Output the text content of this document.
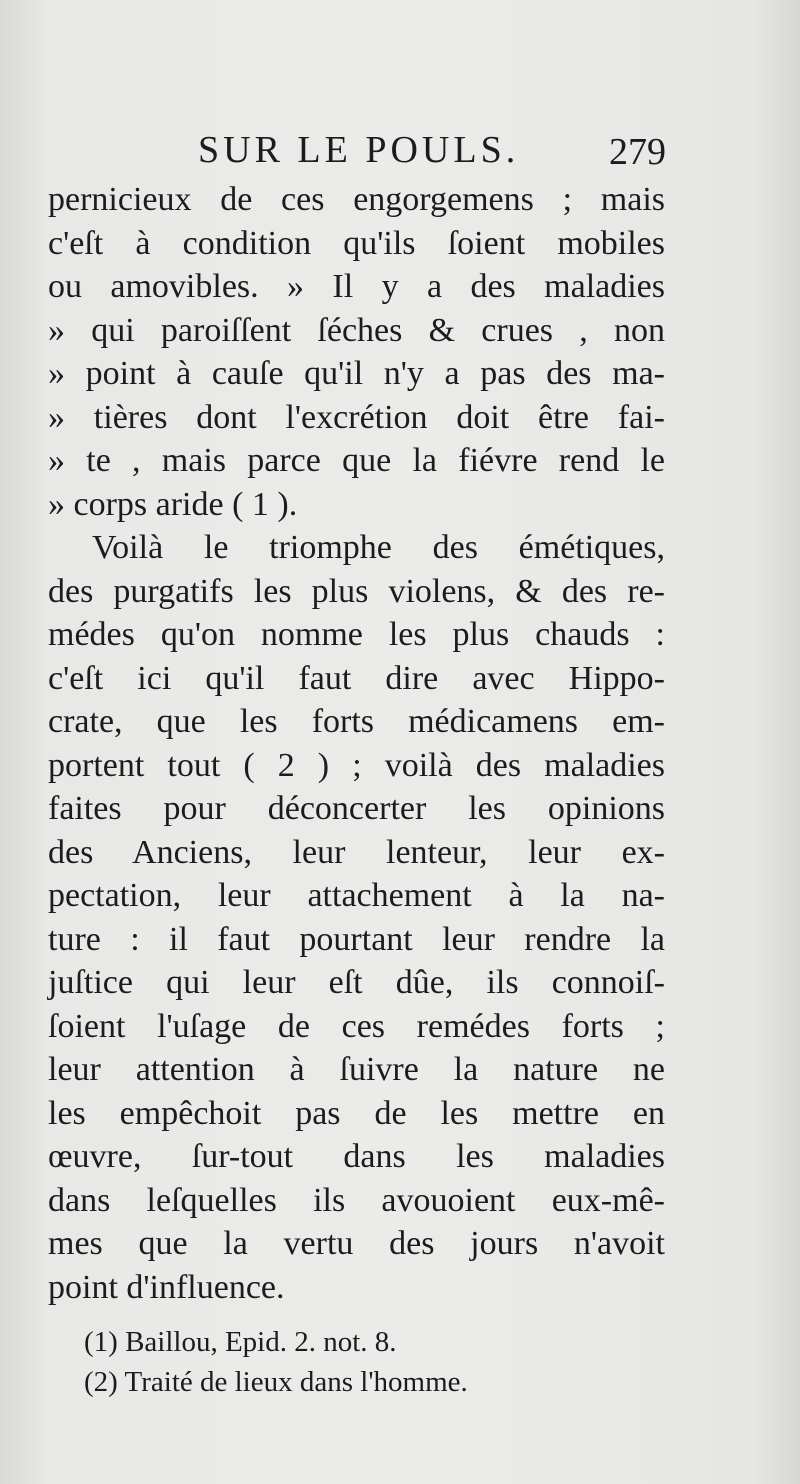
SUR LE POULS. 279
pernicieux de ces engorgemens ; mais
c'eſt à condition qu'ils ſoient mobiles
ou amovibles. » Il y a des maladies
» qui paroiſſent ſéches & crues , non
» point à cauſe qu'il n'y a pas des ma-
» tières dont l'excrétion doit être fai-
» te , mais parce que la fiévre rend le
» corps aride ( 1 ).
Voilà le triomphe des émétiques,
des purgatifs les plus violens, & des re-
médes qu'on nomme les plus chauds :
c'eſt ici qu'il faut dire avec Hippo-
crate, que les forts médicamens em-
portent tout ( 2 ) ; voilà des maladies
faites pour déconcerter les opinions
des Anciens, leur lenteur, leur ex-
pectation, leur attachement à la na-
ture : il faut pourtant leur rendre la
juſtice qui leur eſt dûe, ils connoiſ-
ſoient l'uſage de ces remédes forts ;
leur attention à ſuivre la nature ne
les empêchoit pas de les mettre en
œuvre, ſur-tout dans les maladies
dans leſquelles ils avouoient eux-mê-
mes que la vertu des jours n'avoit
point d'influence.
(1) Baillou, Epid. 2. not. 8.
(2) Traité de lieux dans l'homme.
